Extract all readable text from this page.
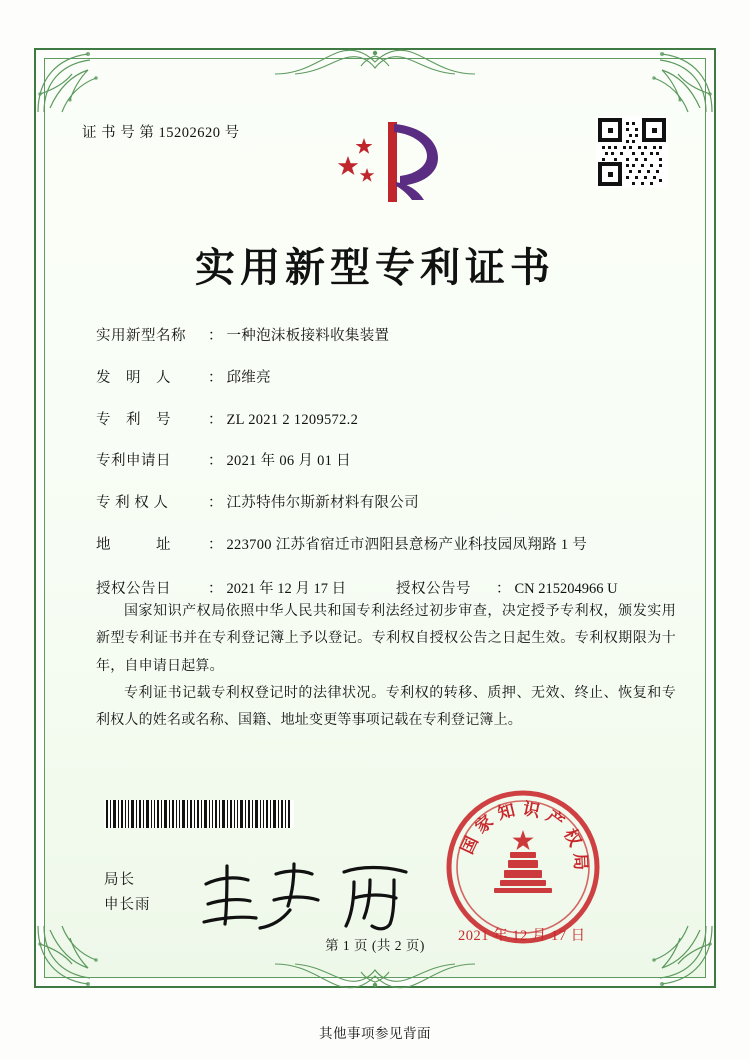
证 书 号 第 15202620 号
实用新型专利证书
实用新型名称	： 一种泡沫板接料收集装置
发　明　人	： 邱维亮
专　利　号	： ZL 2021 2 1209572.2
专利申请日	： 2021 年 06 月 01 日
专 利 权 人	： 江苏特伟尔斯新材料有限公司
地　　　址	： 223700 江苏省宿迁市泗阳县意杨产业科技园凤翔路 1 号
授权公告日	： 2021 年 12 月 17 日	授权公告号	： CN 215204966 U

国家知识产权局依照中华人民共和国专利法经过初步审查，决定授予专利权，颁发实用新型专利证书并在专利登记簿上予以登记。专利权自授权公告之日起生效。专利权期限为十年，自申请日起算。

专利证书记载专利权登记时的法律状况。专利权的转移、质押、无效、终止、恢复和专利权人的姓名或名称、国籍、地址变更等事项记载在专利登记簿上。

局长
申长雨
国家知识产权局
2021 年 12 月 17 日
第 1 页 (共 2 页)
其他事项参见背面
